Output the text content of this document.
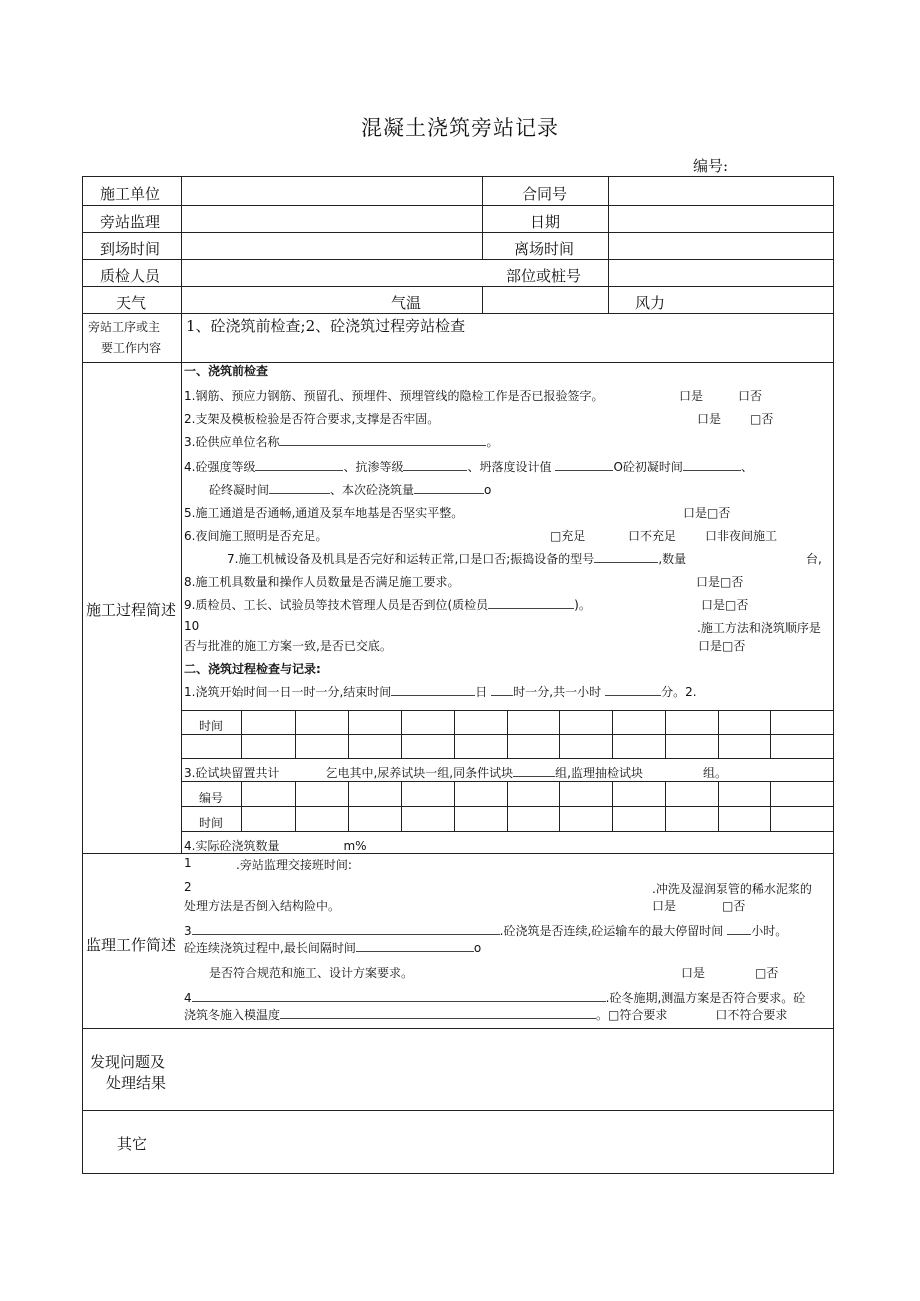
混凝土浇筑旁站记录
编号:
施工单位	合同号
旁站监理	日期
到场时间	离场时间
质检人员	部位或桩号
天气	气温	风力
旁站工序或主
要工作内容
1、砼浇筑前检查;2、砼浇筑过程旁站检查
施工过程简述
一、浇筑前检查
1.钢筋、预应力钢筋、预留孔、预埋件、预埋管线的隐检工作是否已报验签字。	口是	口否
2.支架及模板检验是否符合要求,支撑是否牢固。	口是 □否
3.砼供应单位名称	。
4.砼强度等级	、抗渗等级	、坍落度设计值	O砼初凝时间	、
砼终凝时间	、本次砼浇筑量	o
5.施工通道是否通畅,通道及泵车地基是否坚实平整。	口是□否
6.夜间施工照明是否充足。	□充足	口不充足 口非夜间施工
7.施工机械设备及机具是否完好和运转正常,口是口否;振捣设备的型号	,数量	台,
8.施工机具数量和操作人员数量是否满足施工要求。	口是□否
9.质检员、工长、试验员等技术管理人员是否到位(质检员	)。	口是□否
10	.施工方法和浇筑顺序是
否与批准的施工方案一致,是否已交底。	口是□否
二、浇筑过程检查与记录:
1.浇筑开始时间一日一时一分,结束时间	日 时一分,共一小时	分。2.
时间
3.砼试块留置共计	乞电其中,尿养试块一组,同条件试块	组,监理抽检试块	组。
编号
时间
4.实际砼浇筑数量	m%
监理工作简述
1	.旁站监理交接班时间:
2	.冲洗及湿润泵管的稀水泥浆的
处理方法是否倒入结构险中。	口是	□否
3	.砼浇筑是否连续,砼运输车的最大停留时间 小时。
砼连续浇筑过程中,最长间隔时间	o
是否符合规范和施工、设计方案要求。	口是	□否
4	.砼冬施期,测温方案是否符合要求。砼
浇筑冬施入模温度	。□符合要求	口不符合要求
发现问题及
处理结果
其它
